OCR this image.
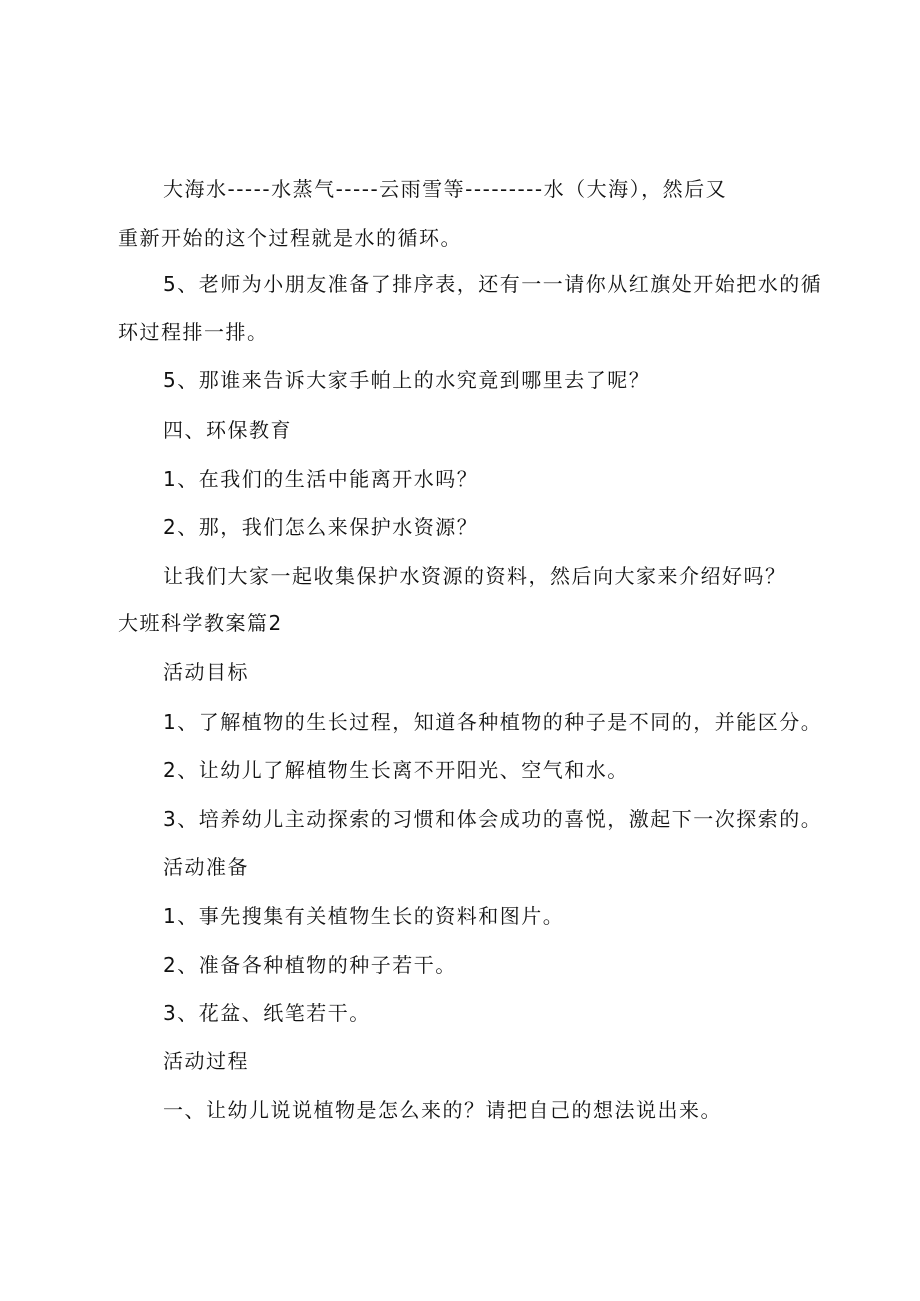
大海水-----水蒸气-----云雨雪等---------水（大海），然后又

重新开始的这个过程就是水的循环。

5、老师为小朋友准备了排序表，还有一一请你从红旗处开始把水的循

环过程排一排。

5、那谁来告诉大家手帕上的水究竟到哪里去了呢？

四、环保教育

1、在我们的生活中能离开水吗？

2、那，我们怎么来保护水资源？

让我们大家一起收集保护水资源的资料，然后向大家来介绍好吗？

大班科学教案篇2

活动目标

1、了解植物的生长过程，知道各种植物的种子是不同的，并能区分。

2、让幼儿了解植物生长离不开阳光、空气和水。

3、培养幼儿主动探索的习惯和体会成功的喜悦，激起下一次探索的。

活动准备

1、事先搜集有关植物生长的资料和图片。

2、准备各种植物的种子若干。

3、花盆、纸笔若干。

活动过程

一、让幼儿说说植物是怎么来的？请把自己的想法说出来。
